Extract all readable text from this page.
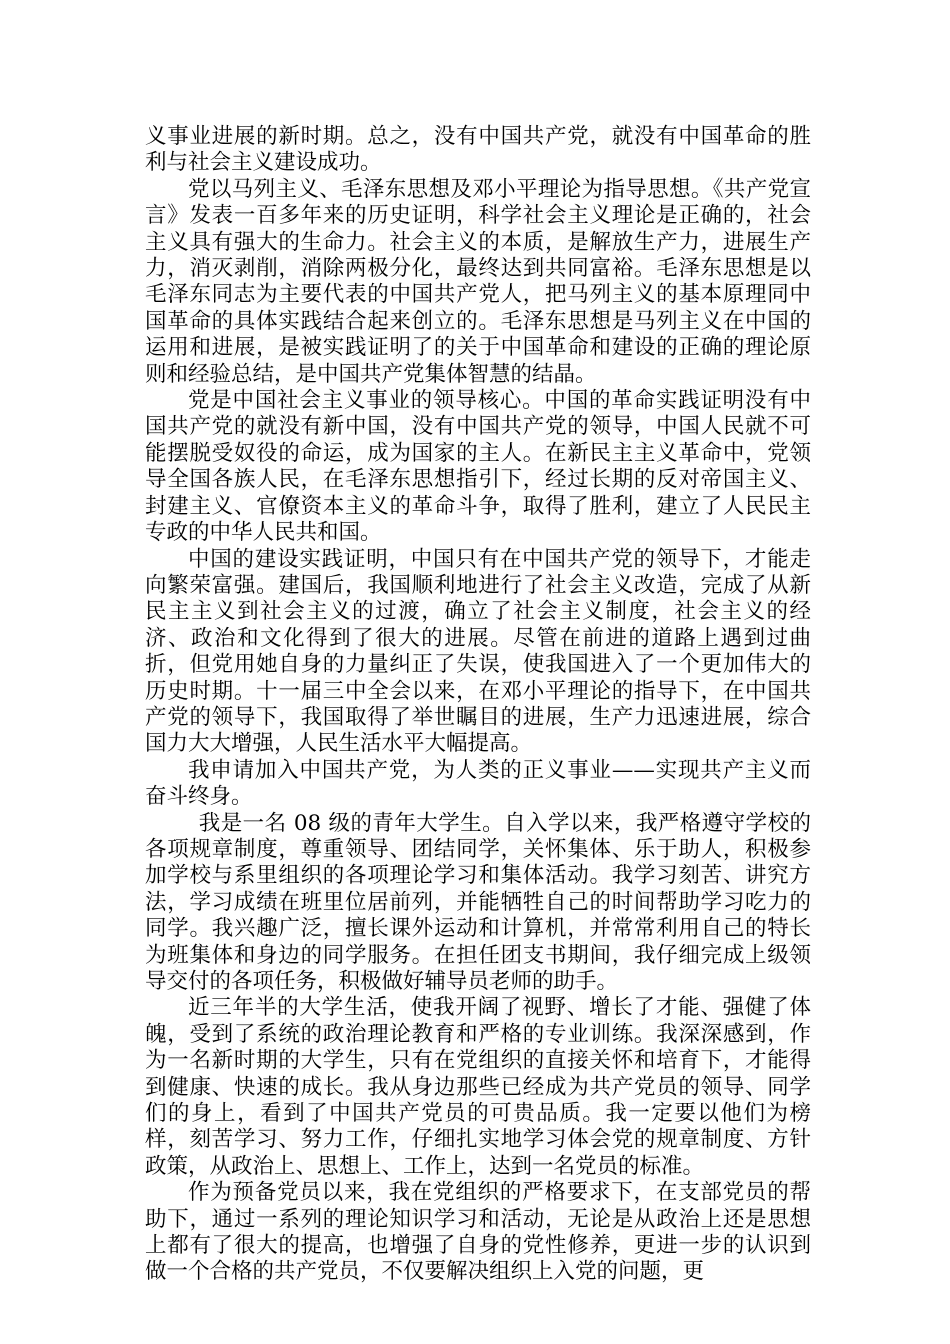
义事业进展的新时期。总之，没有中国共产党，就没有中国革命的胜利与社会主义建设成功。

党以马列主义、毛泽东思想及邓小平理论为指导思想。《共产党宣言》发表一百多年来的历史证明，科学社会主义理论是正确的，社会主义具有强大的生命力。社会主义的本质，是解放生产力，进展生产力，消灭剥削，消除两极分化，最终达到共同富裕。毛泽东思想是以毛泽东同志为主要代表的中国共产党人，把马列主义的基本原理同中国革命的具体实践结合起来创立的。毛泽东思想是马列主义在中国的运用和进展，是被实践证明了的关于中国革命和建设的正确的理论原则和经验总结，是中国共产党集体智慧的结晶。

党是中国社会主义事业的领导核心。中国的革命实践证明没有中国共产党的就没有新中国，没有中国共产党的领导，中国人民就不可能摆脱受奴役的命运，成为国家的主人。在新民主主义革命中，党领导全国各族人民，在毛泽东思想指引下，经过长期的反对帝国主义、封建主义、官僚资本主义的革命斗争，取得了胜利，建立了人民民主专政的中华人民共和国。

中国的建设实践证明，中国只有在中国共产党的领导下，才能走向繁荣富强。建国后，我国顺利地进行了社会主义改造，完成了从新民主主义到社会主义的过渡，确立了社会主义制度，社会主义的经济、政治和文化得到了很大的进展。尽管在前进的道路上遇到过曲折，但党用她自身的力量纠正了失误，使我国进入了一个更加伟大的历史时期。十一届三中全会以来，在邓小平理论的指导下，在中国共产党的领导下，我国取得了举世瞩目的进展，生产力迅速进展，综合国力大大增强，人民生活水平大幅提高。

我申请加入中国共产党，为人类的正义事业——实现共产主义而奋斗终身。

我是一名 08 级的青年大学生。自入学以来，我严格遵守学校的各项规章制度，尊重领导、团结同学，关怀集体、乐于助人，积极参加学校与系里组织的各项理论学习和集体活动。我学习刻苦、讲究方法，学习成绩在班里位居前列，并能牺牲自己的时间帮助学习吃力的同学。我兴趣广泛，擅长课外运动和计算机，并常常利用自己的特长为班集体和身边的同学服务。在担任团支书期间，我仔细完成上级领导交付的各项任务，积极做好辅导员老师的助手。

近三年半的大学生活，使我开阔了视野、增长了才能、强健了体魄，受到了系统的政治理论教育和严格的专业训练。我深深感到，作为一名新时期的大学生，只有在党组织的直接关怀和培育下，才能得到健康、快速的成长。我从身边那些已经成为共产党员的领导、同学们的身上，看到了中国共产党员的可贵品质。我一定要以他们为榜样，刻苦学习、努力工作，仔细扎实地学习体会党的规章制度、方针政策，从政治上、思想上、工作上，达到一名党员的标准。

作为预备党员以来，我在党组织的严格要求下，在支部党员的帮助下，通过一系列的理论知识学习和活动，无论是从政治上还是思想上都有了很大的提高，也增强了自身的党性修养，更进一步的认识到做一个合格的共产党员，不仅要解决组织上入党的问题，更
